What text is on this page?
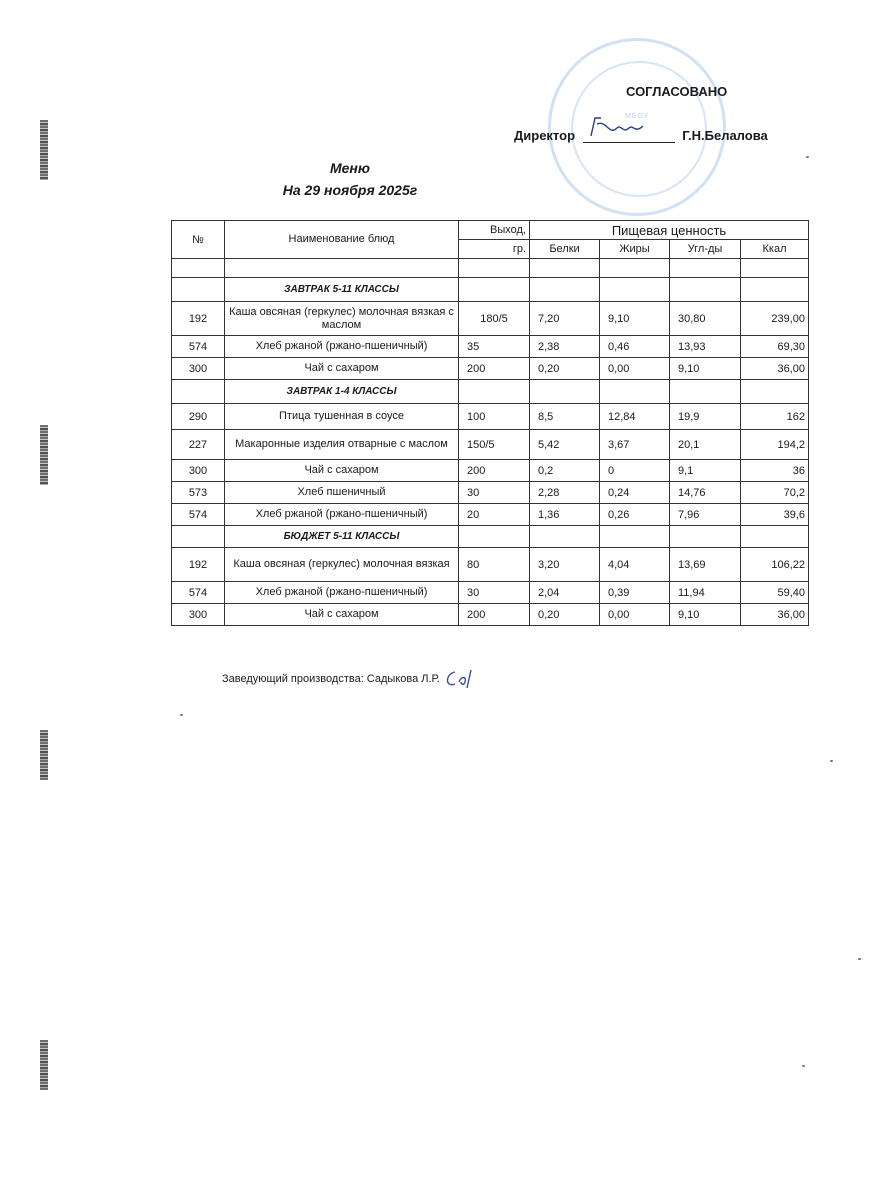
МБОУ
СОГЛАСОВАНО
Директор	Г.Н.Белалова
Меню
На 29 ноября 2025г
№	Наименование блюд	Выход,	Пищевая ценность			
		гр.	Белки	Жиры	Угл-ды	Ккал

	ЗАВТРАК 5-11 КЛАССЫ					
192	Каша овсяная (геркулес) молочная вязкая с маслом	180/5	7,20	9,10	30,80	239,00
574	Хлеб ржаной (ржано-пшеничный)	35	2,38	0,46	13,93	69,30
300	Чай с сахаром	200	0,20	0,00	9,10	36,00
	ЗАВТРАК 1-4 КЛАССЫ					
290	Птица тушенная в соусе	100	8,5	12,84	19,9	162
227	Макаронные изделия отварные с маслом	150/5	5,42	3,67	20,1	194,2
300	Чай с сахаром	200	0,2	0	9,1	36
573	Хлеб пшеничный	30	2,28	0,24	14,76	70,2
574	Хлеб ржаной (ржано-пшеничный)	20	1,36	0,26	7,96	39,6
	БЮДЖЕТ 5-11 КЛАССЫ					
192	Каша овсяная (геркулес) молочная вязкая	80	3,20	4,04	13,69	106,22
574	Хлеб ржаной (ржано-пшеничный)	30	2,04	0,39	11,94	59,40
300	Чай с сахаром	200	0,20	0,00	9,10	36,00
Заведующий производства: Садыкова Л.Р.
